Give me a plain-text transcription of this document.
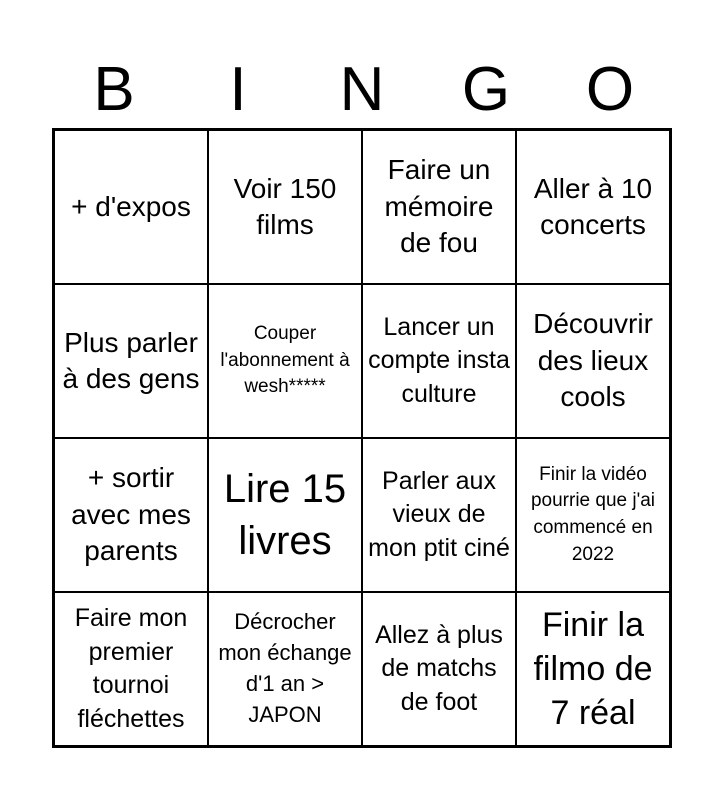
B	I	N	G	O
+ d'expos
Voir 150 films
Faire un mémoire de fou
Aller à 10 concerts
Plus parler à des gens
Couper l'abonnement à wesh*****
Lancer un compte insta culture
Découvrir des lieux cools
+ sortir avec mes parents
Lire 15 livres
Parler aux vieux de mon ptit ciné
Finir la vidéo pourrie que j'ai commencé en 2022
Faire mon premier tournoi fléchettes
Décrocher mon échange d'1 an > JAPON
Allez à plus de matchs de foot
Finir la filmo de 7 réal
